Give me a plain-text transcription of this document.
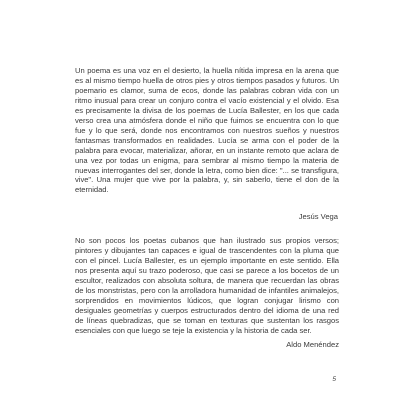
Un poema es una voz en el desierto, la huella nítida impresa en la arena que es al mismo tiempo huella de otros pies y otros tiempos pasados y futuros. Un poemario es clamor, suma de ecos, donde las palabras cobran vida con un ritmo inusual para crear un conjuro contra el vacío existencial y el olvido. Esa es precisamente la divisa de los poemas de Lucía Ballester, en los que cada verso crea una atmósfera donde el niño que fuimos se encuentra con lo que fue y lo que será, donde nos encontramos con nuestros sueños y nuestros fantasmas transformados en realidades. Lucía se arma con el poder de la palabra para evocar, materializar, añorar, en un instante remoto que aclara de una vez por todas un enigma, para sembrar al mismo tiempo la materia de nuevas interrogantes del ser, donde la letra, como bien dice: "... se transfigura, vive". Una mujer que vive por la palabra, y, sin saberlo, tiene el don de la eternidad.

Jesús Vega

No son pocos los poetas cubanos que han ilustrado sus propios versos; pintores y dibujantes tan capaces e igual de trascendentes con la pluma que con el pincel. Lucía Ballester, es un ejemplo importante en este sentido. Ella nos presenta aquí su trazo poderoso, que casi se parece a los bocetos de un escultor, realizados con absoluta soltura, de manera que recuerdan las obras de los monstristas, pero con la arrolladora humanidad de infantiles animalejos, sorprendidos en movimientos lúdicos, que logran conjugar lirismo con desiguales geometrías y cuerpos estructurados dentro del idioma de una red de líneas quebradizas, que se toman en texturas que sustentan los rasgos esenciales con que luego se teje la existencia y la historia de cada ser.

Aldo Menéndez

5
